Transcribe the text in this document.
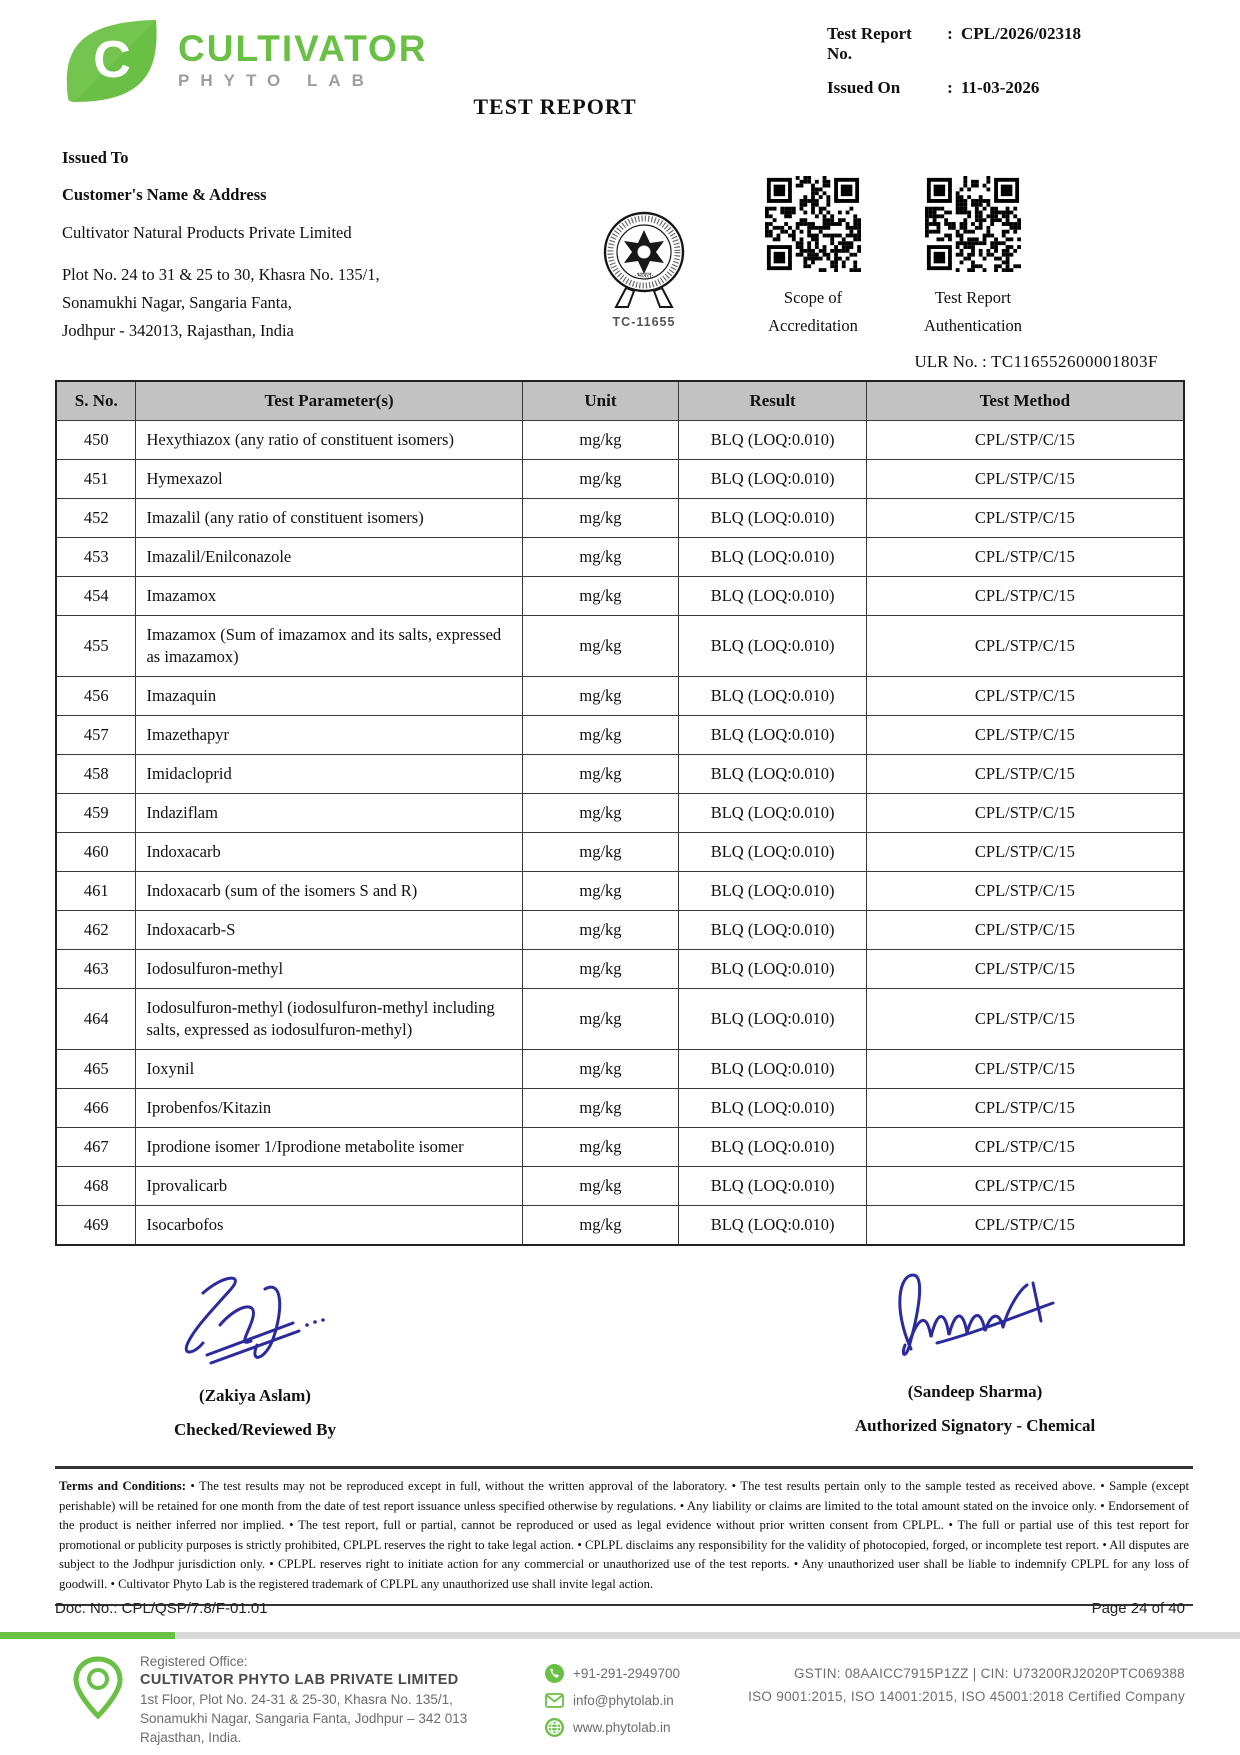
C CULTIVATOR
PHYTO LAB
Test Report No.
: CPL/2026/02318
Issued On	: 11-03-2026
TEST REPORT
Issued To
Customer's Name & Address
Cultivator Natural Products Private Limited
Plot No. 24 to 31 & 25 to 30, Khasra No. 135/1,
Sonamukhi Nagar, Sangaria Fanta,
Jodhpur - 342013, Rajasthan, India
·भारत·
TC-11655
Scope of
Accreditation
Test Report
Authentication
ULR No. : TC116552600001803F
S. No.	Test Parameter(s)	Unit	Result	Test Method
450	Hexythiazox (any ratio of constituent isomers)	mg/kg	BLQ (LOQ:0.010)	CPL/STP/C/15
451	Hymexazol	mg/kg	BLQ (LOQ:0.010)	CPL/STP/C/15
452	Imazalil (any ratio of constituent isomers)	mg/kg	BLQ (LOQ:0.010)	CPL/STP/C/15
453	Imazalil/Enilconazole	mg/kg	BLQ (LOQ:0.010)	CPL/STP/C/15
454	Imazamox	mg/kg	BLQ (LOQ:0.010)	CPL/STP/C/15
455	Imazamox (Sum of imazamox and its salts, expressed as imazamox)	mg/kg	BLQ (LOQ:0.010)	CPL/STP/C/15
456	Imazaquin	mg/kg	BLQ (LOQ:0.010)	CPL/STP/C/15
457	Imazethapyr	mg/kg	BLQ (LOQ:0.010)	CPL/STP/C/15
458	Imidacloprid	mg/kg	BLQ (LOQ:0.010)	CPL/STP/C/15
459	Indaziflam	mg/kg	BLQ (LOQ:0.010)	CPL/STP/C/15
460	Indoxacarb	mg/kg	BLQ (LOQ:0.010)	CPL/STP/C/15
461	Indoxacarb (sum of the isomers S and R)	mg/kg	BLQ (LOQ:0.010)	CPL/STP/C/15
462	Indoxacarb-S	mg/kg	BLQ (LOQ:0.010)	CPL/STP/C/15
463	Iodosulfuron-methyl	mg/kg	BLQ (LOQ:0.010)	CPL/STP/C/15
464	Iodosulfuron-methyl (iodosulfuron-methyl including salts, expressed as iodosulfuron-methyl)	mg/kg	BLQ (LOQ:0.010)	CPL/STP/C/15
465	Ioxynil	mg/kg	BLQ (LOQ:0.010)	CPL/STP/C/15
466	Iprobenfos/Kitazin	mg/kg	BLQ (LOQ:0.010)	CPL/STP/C/15
467	Iprodione isomer 1/Iprodione metabolite isomer	mg/kg	BLQ (LOQ:0.010)	CPL/STP/C/15
468	Iprovalicarb	mg/kg	BLQ (LOQ:0.010)	CPL/STP/C/15
469	Isocarbofos	mg/kg	BLQ (LOQ:0.010)	CPL/STP/C/15
(Zakiya Aslam)
Checked/Reviewed By
(Sandeep Sharma)
Authorized Signatory - Chemical
Terms and Conditions: • The test results may not be reproduced except in full, without the written approval of the laboratory. • The test results pertain only to the sample tested as received above. • Sample (except perishable) will be retained for one month from the date of test report issuance unless specified otherwise by regulations. • Any liability or claims are limited to the total amount stated on the invoice only. • Endorsement of the product is neither inferred nor implied. • The test report, full or partial, cannot be reproduced or used as legal evidence without prior written consent from CPLPL. • The full or partial use of this test report for promotional or publicity purposes is strictly prohibited, CPLPL reserves the right to take legal action. • CPLPL disclaims any responsibility for the validity of photocopied, forged, or incomplete test report. • All disputes are subject to the Jodhpur jurisdiction only. • CPLPL reserves right to initiate action for any commercial or unauthorized use of the test reports. • Any unauthorized user shall be liable to indemnify CPLPL for any loss of goodwill. • Cultivator Phyto Lab is the registered trademark of CPLPL any unauthorized use shall invite legal action.
Doc. No.: CPL/QSP/7.8/F-01.01	Page 24 of 40
Registered Office:
CULTIVATOR PHYTO LAB PRIVATE LIMITED
1st Floor, Plot No. 24-31 & 25-30, Khasra No. 135/1,
Sonamukhi Nagar, Sangaria Fanta, Jodhpur – 342 013
Rajasthan, India.
+91-291-2949700
info@phytolab.in
www.phytolab.in
GSTIN: 08AAICC7915P1ZZ | CIN: U73200RJ2020PTC069388
ISO 9001:2015, ISO 14001:2015, ISO 45001:2018 Certified Company
